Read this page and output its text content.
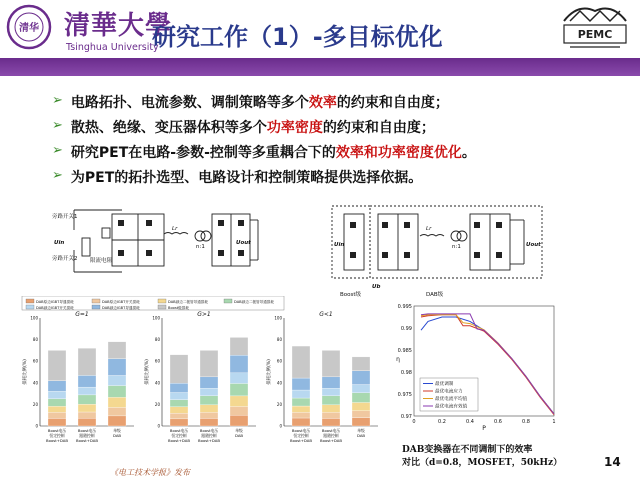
清华 清華大學
Tsinghua University
研究工作（1）-多目标优化	PEMC
➢ 电路拓扑、电流参数、调制策略等多个效率的约束和自由度；
➢ 散热、绝缘、变压器体积等多个功率密度的约束和自由度；
➢ 研究PET在电路-参数-控制等多重耦合下的效率和功率密度优化。
➢ 为PET的拓扑选型、电路设计和控制策略提供选择依据。
旁路开关1
旁路开关2 限流电阻
Uin
Lr
n:1
Uout	Uin
Lr
n:1	Uout
Ub
Boost级	DAB级
DAB原边IGBT导通损耗	DAB原边IGBT开关损耗	DAB副边二极管导通损耗	DAB副边二极管导通损耗
DAB副边IGBT开关损耗	DAB副边IGBT导通损耗	Boost级损耗
G=1
损耗比例(%)
0
20
40
60
80
100
Boost电压
恒定控制
Boost+DAB
Boost电压
跟随控制
Boost+DAB
单级
DAB
G>1
损耗比例(%)
0
20
40
60
80
100
Boost电压
恒定控制
Boost+DAB
Boost电压
跟随控制
Boost+DAB
单级
DAB
G<1
损耗比例(%)
0
20
40
60
80
100
Boost电压
恒定控制
Boost+DAB
Boost电压
跟随控制
Boost+DAB
单级
DAB
0.97
0.975
0.98
0.985
0.99
0.995
0	0.2	0.4	0.6	0.8	1
P
η
最优调制
最优电流应力
最优电流平均值
最优电流有效值
DAB变换器在不同调制下的效率
对比（d=0.8，MOSFET，50kHz）
《电工技术学报》发布
14
